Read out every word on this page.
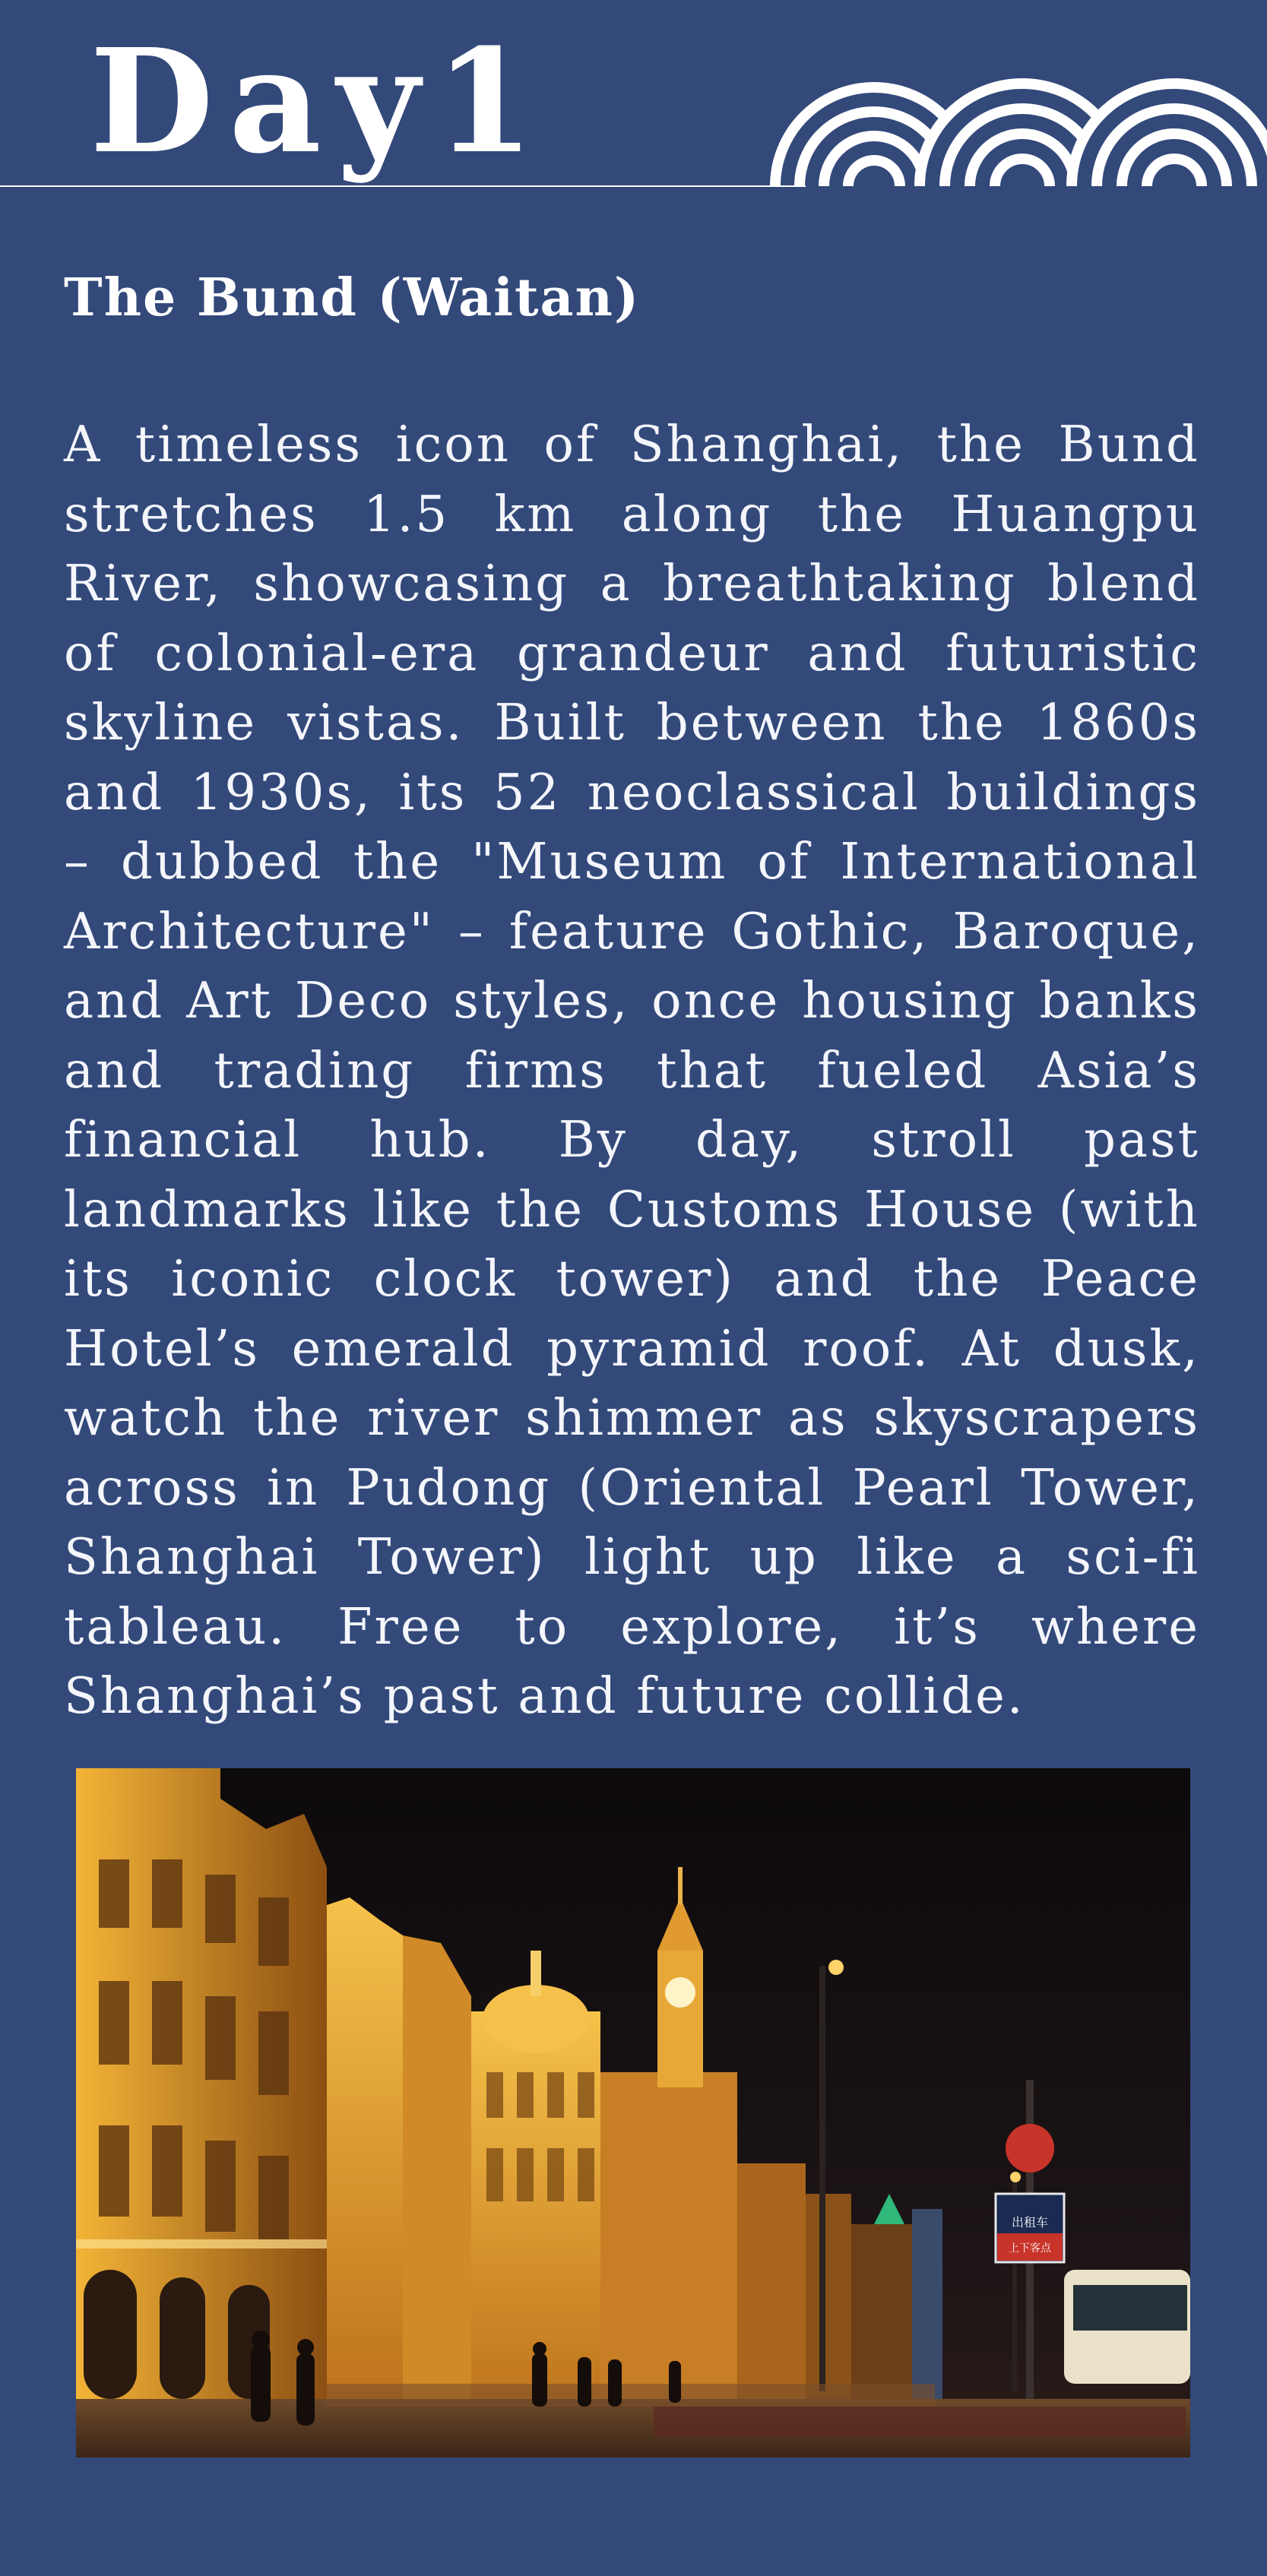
Day1
The Bund (Waitan)

A timeless icon of Shanghai, the Bund stretches 1.5 km along the Huangpu River, showcasing a breathtaking blend of colonial-era grandeur and futuristic skyline vistas. Built between the 1860s and 1930s, its 52 neoclassical buildings – dubbed the "Museum of International Architecture" – feature Gothic, Baroque, and Art Deco styles, once housing banks and trading firms that fueled Asia’s financial hub. By day, stroll past landmarks like the Customs House (with its iconic clock tower) and the Peace Hotel’s emerald pyramid roof. At dusk, watch the river shimmer as skyscrapers across in Pudong (Oriental Pearl Tower, Shanghai Tower) light up like a sci-fi tableau. Free to explore, it’s where Shanghai’s past and future collide.

出租车
上下客点
